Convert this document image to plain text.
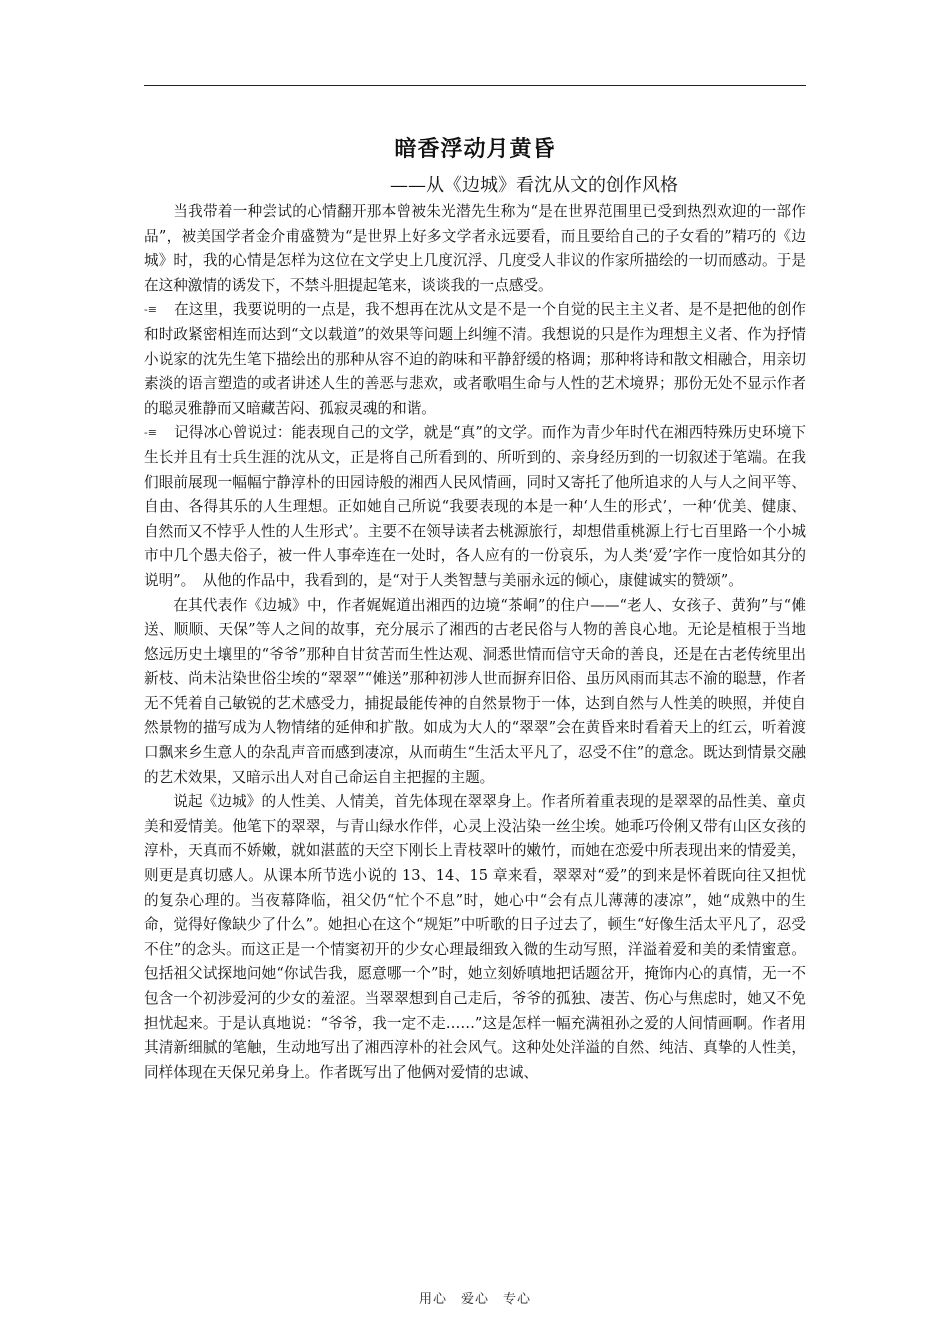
暗香浮动月黄昏
——从《边城》看沈从文的创作风格

当我带着一种尝试的心情翻开那本曾被朱光潜先生称为“是在世界范围里已受到热烈欢迎的一部作品”，被美国学者金介甫盛赞为“是世界上好多文学者永远要看，而且要给自己的子女看的”精巧的《边城》时，我的心情是怎样为这位在文学史上几度沉浮、几度受人非议的作家所描绘的一切而感动。于是在这种激情的诱发下，不禁斗胆提起笔来，谈谈我的一点感受。

-≡ 在这里，我要说明的一点是，我不想再在沈从文是不是一个自觉的民主主义者、是不是把他的创作和时政紧密相连而达到“文以载道”的效果等问题上纠缠不清。我想说的只是作为理想主义者、作为抒情小说家的沈先生笔下描绘出的那种从容不迫的韵味和平静舒缓的格调；那种将诗和散文相融合，用亲切素淡的语言塑造的或者讲述人生的善恶与悲欢，或者歌唱生命与人性的艺术境界；那份无处不显示作者的聪灵雅静而又暗藏苦闷、孤寂灵魂的和谐。

-≡ 记得冰心曾说过：能表现自己的文学，就是“真”的文学。而作为青少年时代在湘西特殊历史环境下生长并且有士兵生涯的沈从文，正是将自己所看到的、所听到的、亲身经历到的一切叙述于笔端。在我们眼前展现一幅幅宁静淳朴的田园诗般的湘西人民风情画，同时又寄托了他所追求的人与人之间平等、自由、各得其乐的人生理想。正如她自己所说“我要表现的本是一种‘人生的形式’，一种‘优美、健康、自然而又不悖乎人性的人生形式’。主要不在领导读者去桃源旅行，却想借重桃源上行七百里路一个小城市中几个愚夫俗子，被一件人事牵连在一处时，各人应有的一份哀乐，为人类‘爱’字作一度恰如其分的说明”。　从他的作品中，我看到的，是“对于人类智慧与美丽永远的倾心，康健诚实的赞颂”。

在其代表作《边城》中，作者娓娓道出湘西的边境“茶峒”的住户——“老人、女孩子、黄狗”与“傩送、顺顺、天保”等人之间的故事，充分展示了湘西的古老民俗与人物的善良心地。无论是植根于当地悠远历史土壤里的“爷爷”那种自甘贫苦而生性达观、洞悉世情而信守天命的善良，还是在古老传统里出新枝、尚未沾染世俗尘埃的“翠翠”“傩送”那种初涉人世而摒弃旧俗、虽历风雨而其志不渝的聪慧，作者无不凭着自己敏锐的艺术感受力，捕捉最能传神的自然景物于一体，达到自然与人性美的映照，并使自然景物的描写成为人物情绪的延伸和扩散。如成为大人的“翠翠”会在黄昏来时看着天上的红云，听着渡口飘来乡生意人的杂乱声音而感到凄凉，从而萌生“生活太平凡了，忍受不住”的意念。既达到情景交融的艺术效果，又暗示出人对自己命运自主把握的主题。

说起《边城》的人性美、人情美，首先体现在翠翠身上。作者所着重表现的是翠翠的品性美、童贞美和爱情美。他笔下的翠翠，与青山绿水作伴，心灵上没沾染一丝尘埃。她乖巧伶俐又带有山区女孩的淳朴，天真而不娇嫩，就如湛蓝的天空下刚长上青枝翠叶的嫩竹，而她在恋爱中所表现出来的情爱美，则更是真切感人。从课本所节选小说的 13、14、15 章来看，翠翠对“爱”的到来是怀着既向往又担忧的复杂心理的。当夜幕降临，祖父仍“忙个不息”时，她心中“会有点儿薄薄的凄凉”，她“成熟中的生命，觉得好像缺少了什么”。她担心在这个“规矩”中听歌的日子过去了，顿生“好像生活太平凡了，忍受不住”的念头。而这正是一个情窦初开的少女心理最细致入微的生动写照，洋溢着爱和美的柔情蜜意。包括祖父试探地问她“你试告我，愿意哪一个”时，她立刻娇嗔地把话题岔开，掩饰内心的真情，无一不包含一个初涉爱河的少女的羞涩。当翠翠想到自己走后，爷爷的孤独、凄苦、伤心与焦虑时，她又不免担忧起来。于是认真地说：“爷爷，我一定不走……”这是怎样一幅充满祖孙之爱的人间情画啊。作者用其清新细腻的笔触，生动地写出了湘西淳朴的社会风气。这种处处洋溢的自然、纯洁、真挚的人性美，同样体现在天保兄弟身上。作者既写出了他俩对爱情的忠诚、

用心　爱心　专心
